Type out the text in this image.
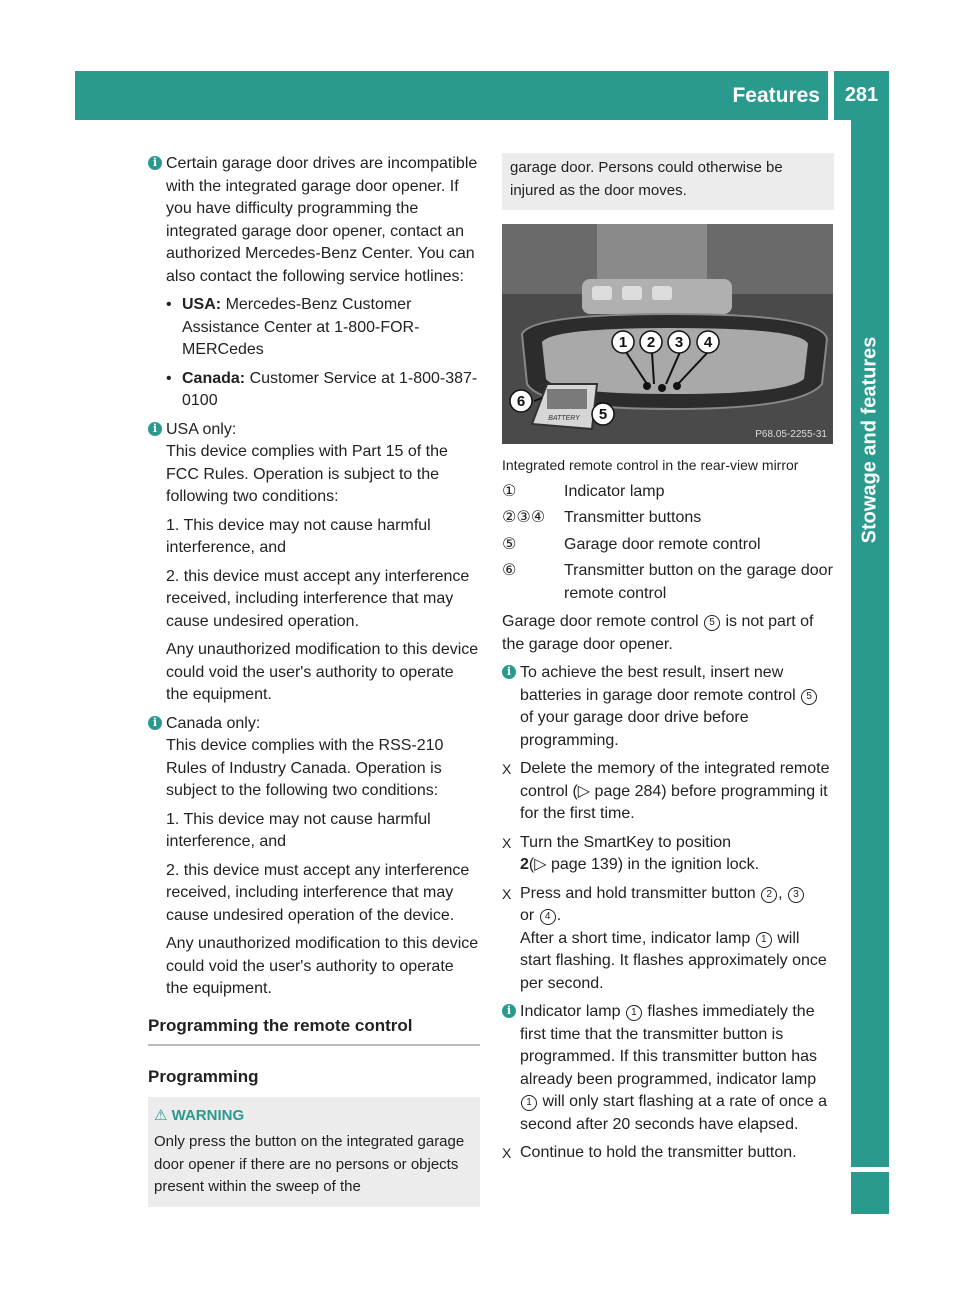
Features	281
Stowage and features
i Certain garage door drives are incompatible with the integrated garage door opener. If you have difficulty programming the integrated garage door opener, contact an authorized Mercedes-Benz Center. You can also contact the following service hotlines:

• USA: Mercedes-Benz Customer Assistance Center at 1-800-FOR-MERCedes
• Canada: Customer Service at 1-800-387-0100
i USA only:

This device complies with Part 15 of the FCC Rules. Operation is subject to the following two conditions:

1. This device may not cause harmful interference, and

2. this device must accept any interference received, including interference that may cause undesired operation.

Any unauthorized modification to this device could void the user's authority to operate the equipment.

i Canada only:

This device complies with the RSS-210 Rules of Industry Canada. Operation is subject to the following two conditions:

1. This device may not cause harmful interference, and

2. this device must accept any interference received, including interference that may cause undesired operation of the device.

Any unauthorized modification to this device could void the user's authority to operate the equipment.

Programming the remote control
Programming
⚠ WARNING
Only press the button on the integrated garage door opener if there are no persons or objects present within the sweep of the
garage door. Persons could otherwise be injured as the door moves.
1 2 3 4
5
6
BATTERY
P68.05-2255-31
Integrated remote control in the rear-view mirror
①	Indicator lamp
②③④	Transmitter buttons
⑤	Garage door remote control
⑥	Transmitter button on the garage door remote control

Garage door remote control 5 is not part of the garage door opener.

i To achieve the best result, insert new batteries in garage door remote control 5 of your garage door drive before programming.
X Delete the memory of the integrated remote control (▷ page 284) before programming it for the first time.
X Turn the SmartKey to position
2(▷ page 139) in the ignition lock.
X Press and hold transmitter button 2 , 3
or 4 .
After a short time, indicator lamp 1 will start flashing. It flashes approximately once per second.
i Indicator lamp 1 flashes immediately the first time that the transmitter button is programmed. If this transmitter button has already been programmed, indicator lamp 1 will only start flashing at a rate of once a second after 20 seconds have elapsed.
X Continue to hold the transmitter button.
